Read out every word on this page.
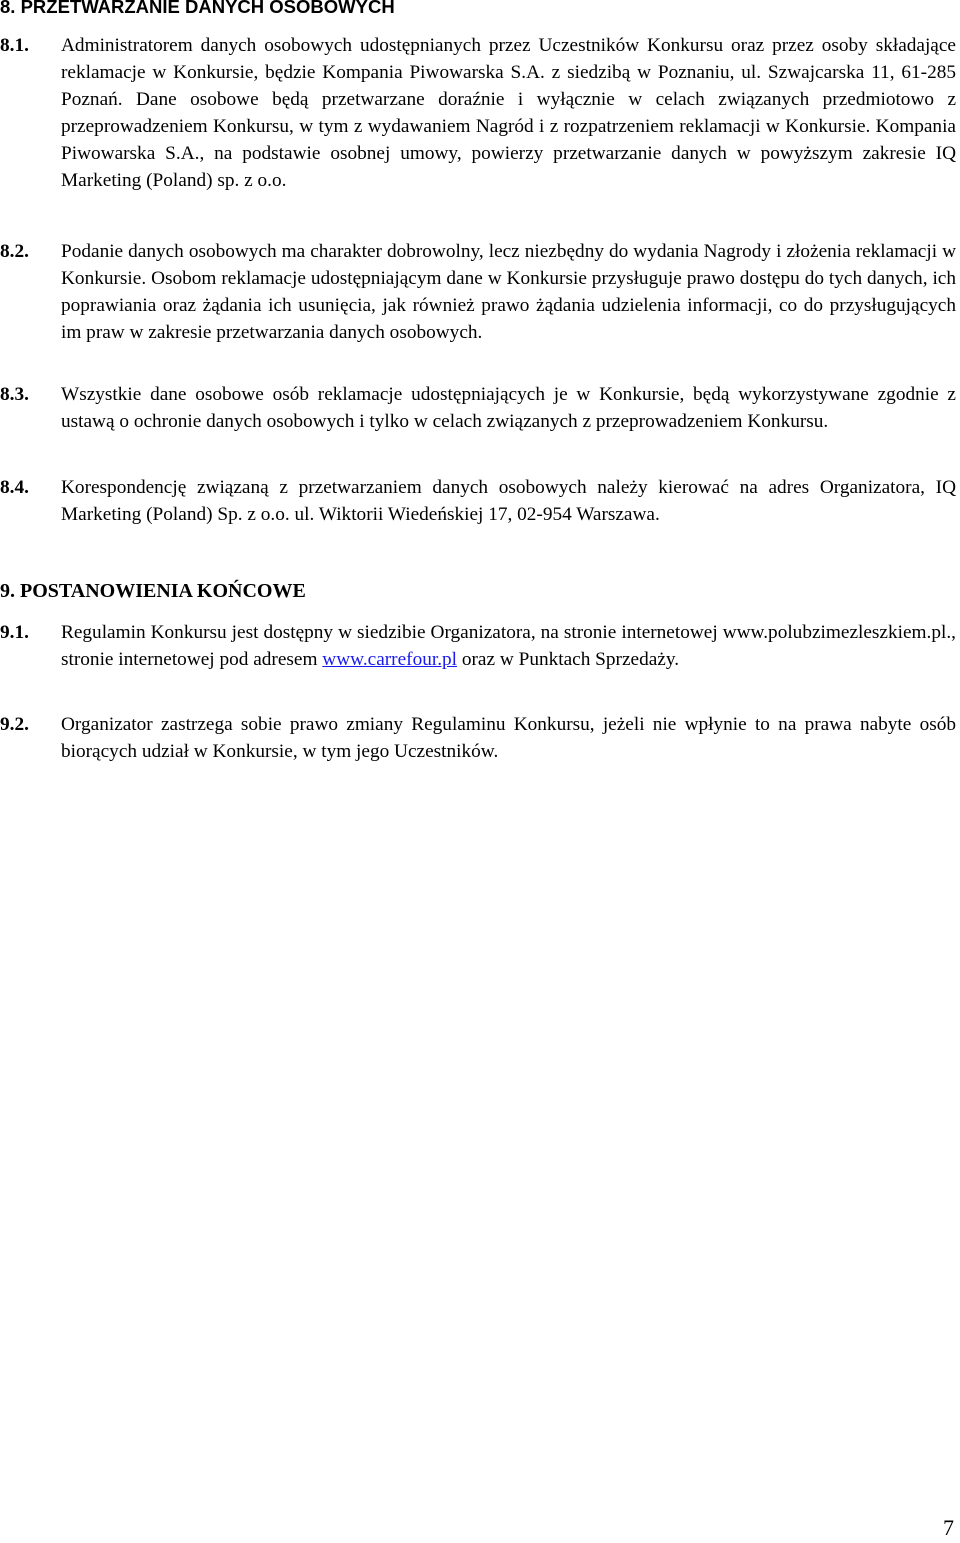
8. PRZETWARZANIE DANYCH OSOBOWYCH
8.1. Administratorem danych osobowych udostępnianych przez Uczestników Konkursu oraz przez osoby składające reklamacje w Konkursie, będzie Kompania Piwowarska S.A. z siedzibą w Poznaniu, ul. Szwajcarska 11, 61-285 Poznań. Dane osobowe będą przetwarzane doraźnie i wyłącznie w celach związanych przedmiotowo z przeprowadzeniem Konkursu, w tym z wydawaniem Nagród i z rozpatrzeniem reklamacji w Konkursie. Kompania Piwowarska S.A., na podstawie osobnej umowy, powierzy przetwarzanie danych w powyższym zakresie IQ Marketing (Poland) sp. z o.o.
8.2. Podanie danych osobowych ma charakter dobrowolny, lecz niezbędny do wydania Nagrody i złożenia reklamacji w Konkursie. Osobom reklamacje udostępniającym dane w Konkursie przysługuje prawo dostępu do tych danych, ich poprawiania oraz żądania ich usunięcia, jak również prawo żądania udzielenia informacji, co do przysługujących im praw w zakresie przetwarzania danych osobowych.
8.3. Wszystkie dane osobowe osób reklamacje udostępniających je w Konkursie, będą wykorzystywane zgodnie z ustawą o ochronie danych osobowych i tylko w celach związanych z przeprowadzeniem Konkursu.
8.4. Korespondencję związaną z przetwarzaniem danych osobowych należy kierować na adres Organizatora, IQ Marketing (Poland) Sp. z o.o. ul. Wiktorii Wiedeńskiej 17, 02-954 Warszawa.
9. POSTANOWIENIA KOŃCOWE
9.1. Regulamin Konkursu jest dostępny w siedzibie Organizatora, na stronie internetowej www.polubzimezleszkiem.pl., stronie internetowej pod adresem www.carrefour.pl oraz w Punktach Sprzedaży.
9.2. Organizator zastrzega sobie prawo zmiany Regulaminu Konkursu, jeżeli nie wpłynie to na prawa nabyte osób biorących udział w Konkursie, w tym jego Uczestników.
7
